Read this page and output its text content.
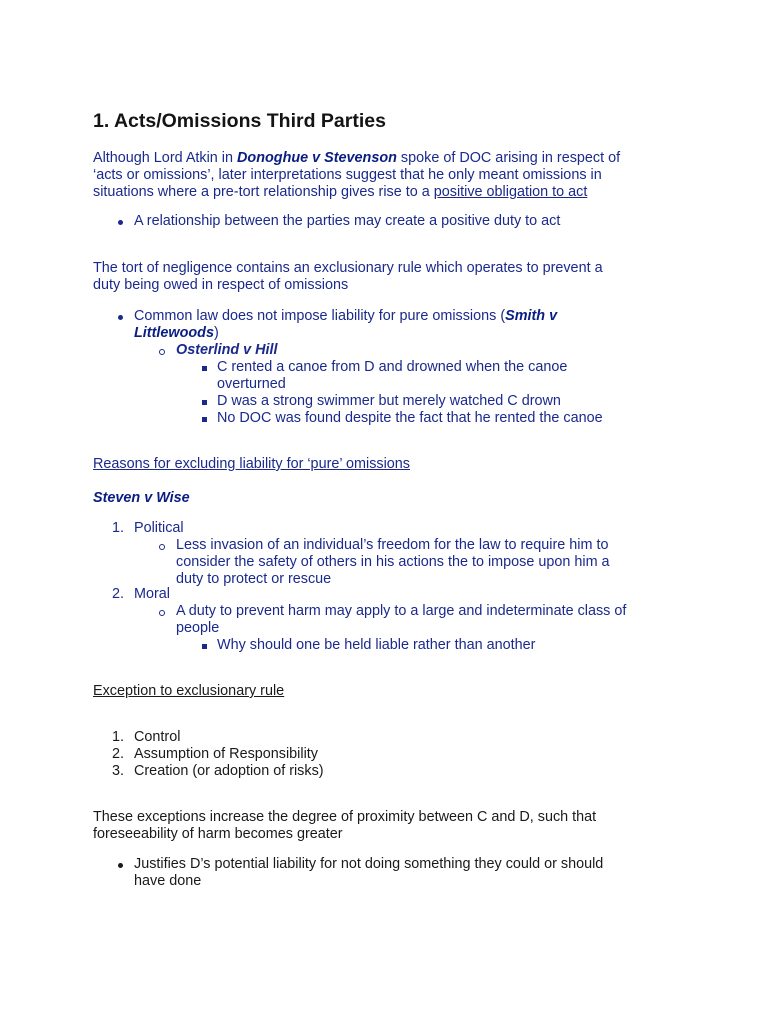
1. Acts/Omissions Third Parties
Although Lord Atkin in Donoghue v Stevenson spoke of DOC arising in respect of
‘acts or omissions’, later interpretations suggest that he only meant omissions in
situations where a pre-tort relationship gives rise to a positive obligation to act
A relationship between the parties may create a positive duty to act
The tort of negligence contains an exclusionary rule which operates to prevent a
duty being owed in respect of omissions
Common law does not impose liability for pure omissions (Smith v
Littlewoods)
Osterlind v Hill
C rented a canoe from D and drowned when the canoe
overturned
D was a strong swimmer but merely watched C drown
No DOC was found despite the fact that he rented the canoe
Reasons for excluding liability for ‘pure’ omissions
Steven v Wise
1. Political
Less invasion of an individual’s freedom for the law to require him to
consider the safety of others in his actions the to impose upon him a
duty to protect or rescue
2. Moral
A duty to prevent harm may apply to a large and indeterminate class of
people
Why should one be held liable rather than another
Exception to exclusionary rule
1. Control
2. Assumption of Responsibility
3. Creation (or adoption of risks)
These exceptions increase the degree of proximity between C and D, such that
foreseeability of harm becomes greater
Justifies D’s potential liability for not doing something they could or should
have done
